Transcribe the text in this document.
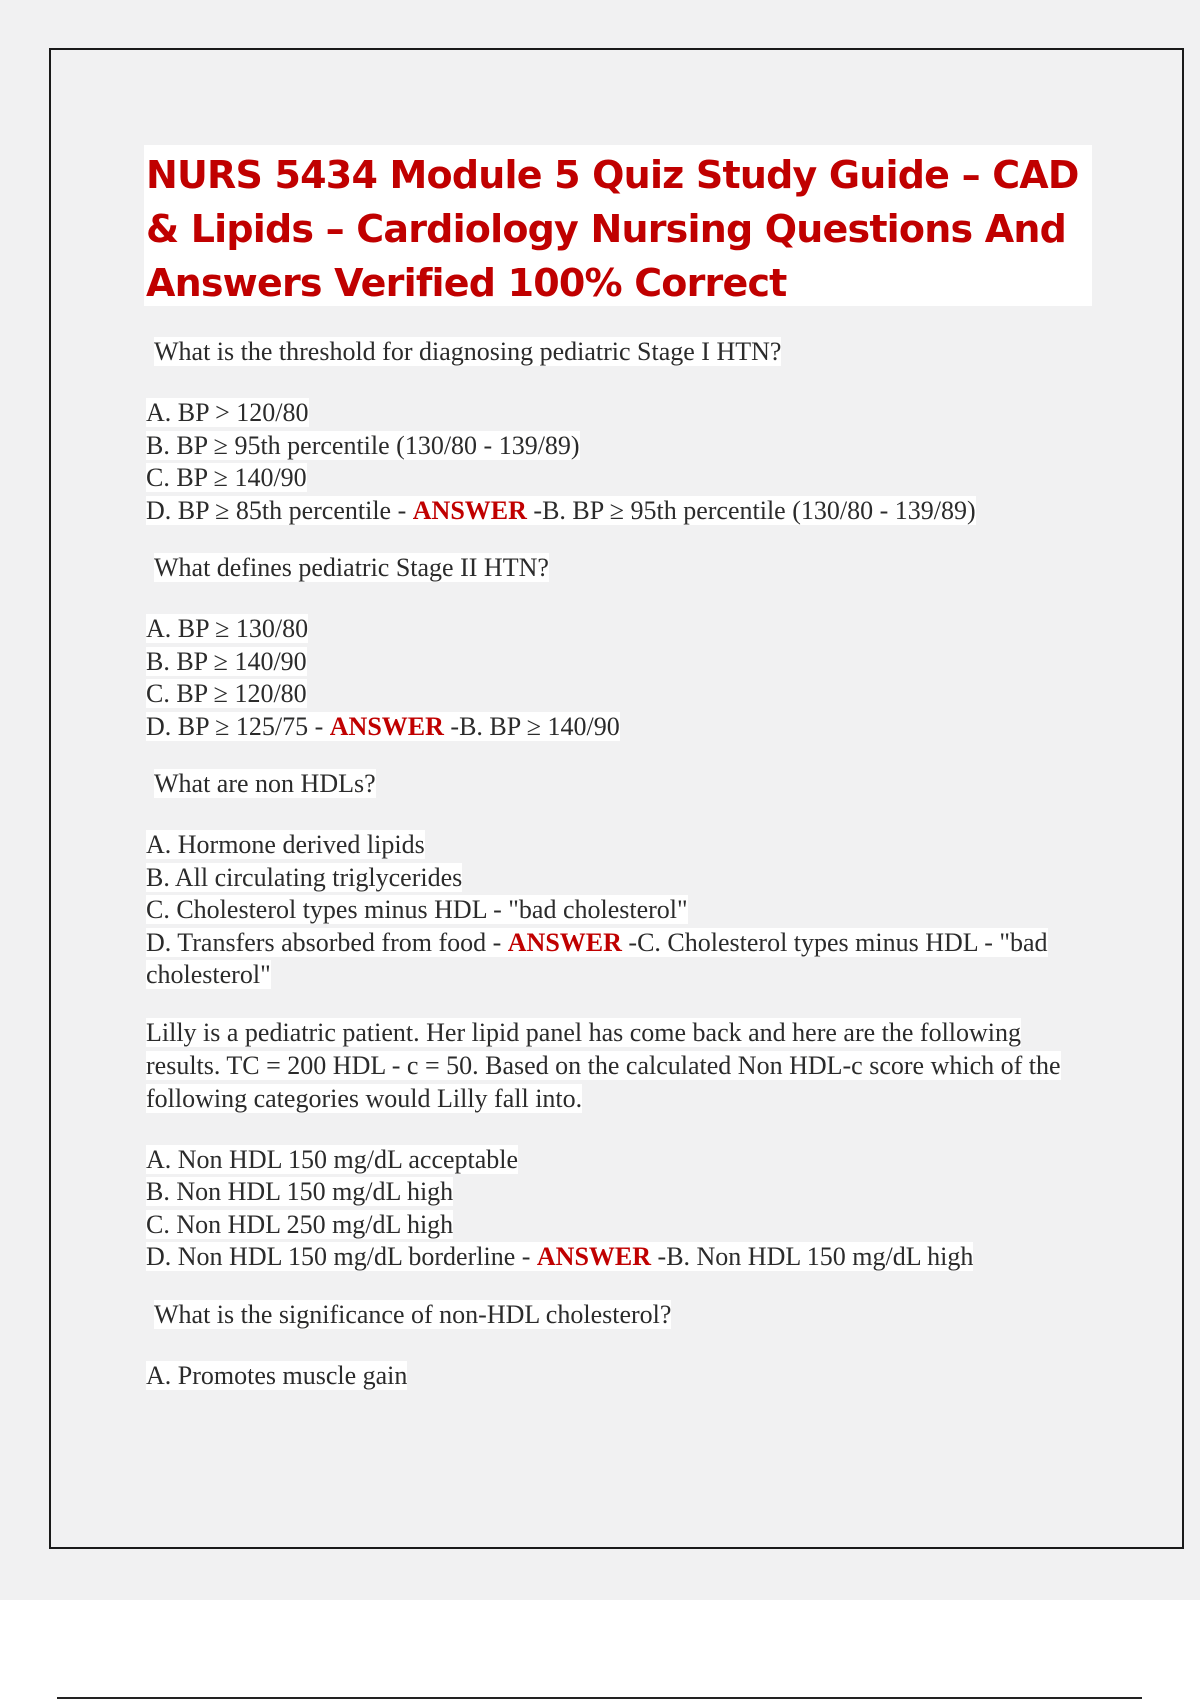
NURS 5434 Module 5 Quiz Study Guide – CAD & Lipids – Cardiology Nursing Questions And Answers Verified 100% Correct
What is the threshold for diagnosing pediatric Stage I HTN?
A. BP > 120/80
B. BP ≥ 95th percentile (130/80 - 139/89)
C. BP ≥ 140/90
D. BP ≥ 85th percentile - ANSWER -B. BP ≥ 95th percentile (130/80 - 139/89)
What defines pediatric Stage II HTN?
A. BP ≥ 130/80
B. BP ≥ 140/90
C. BP ≥ 120/80
D. BP ≥ 125/75 - ANSWER -B. BP ≥ 140/90
What are non HDLs?
A. Hormone derived lipids
B. All circulating triglycerides
C. Cholesterol types minus HDL - "bad cholesterol"
D. Transfers absorbed from food - ANSWER -C. Cholesterol types minus HDL - "bad cholesterol"
Lilly is a pediatric patient. Her lipid panel has come back and here are the following results. TC = 200 HDL - c = 50. Based on the calculated Non HDL-c score which of the following categories would Lilly fall into.
A. Non HDL 150 mg/dL acceptable
B. Non HDL 150 mg/dL high
C. Non HDL 250 mg/dL high
D. Non HDL 150 mg/dL borderline - ANSWER -B. Non HDL 150 mg/dL high
What is the significance of non-HDL cholesterol?
A. Promotes muscle gain
